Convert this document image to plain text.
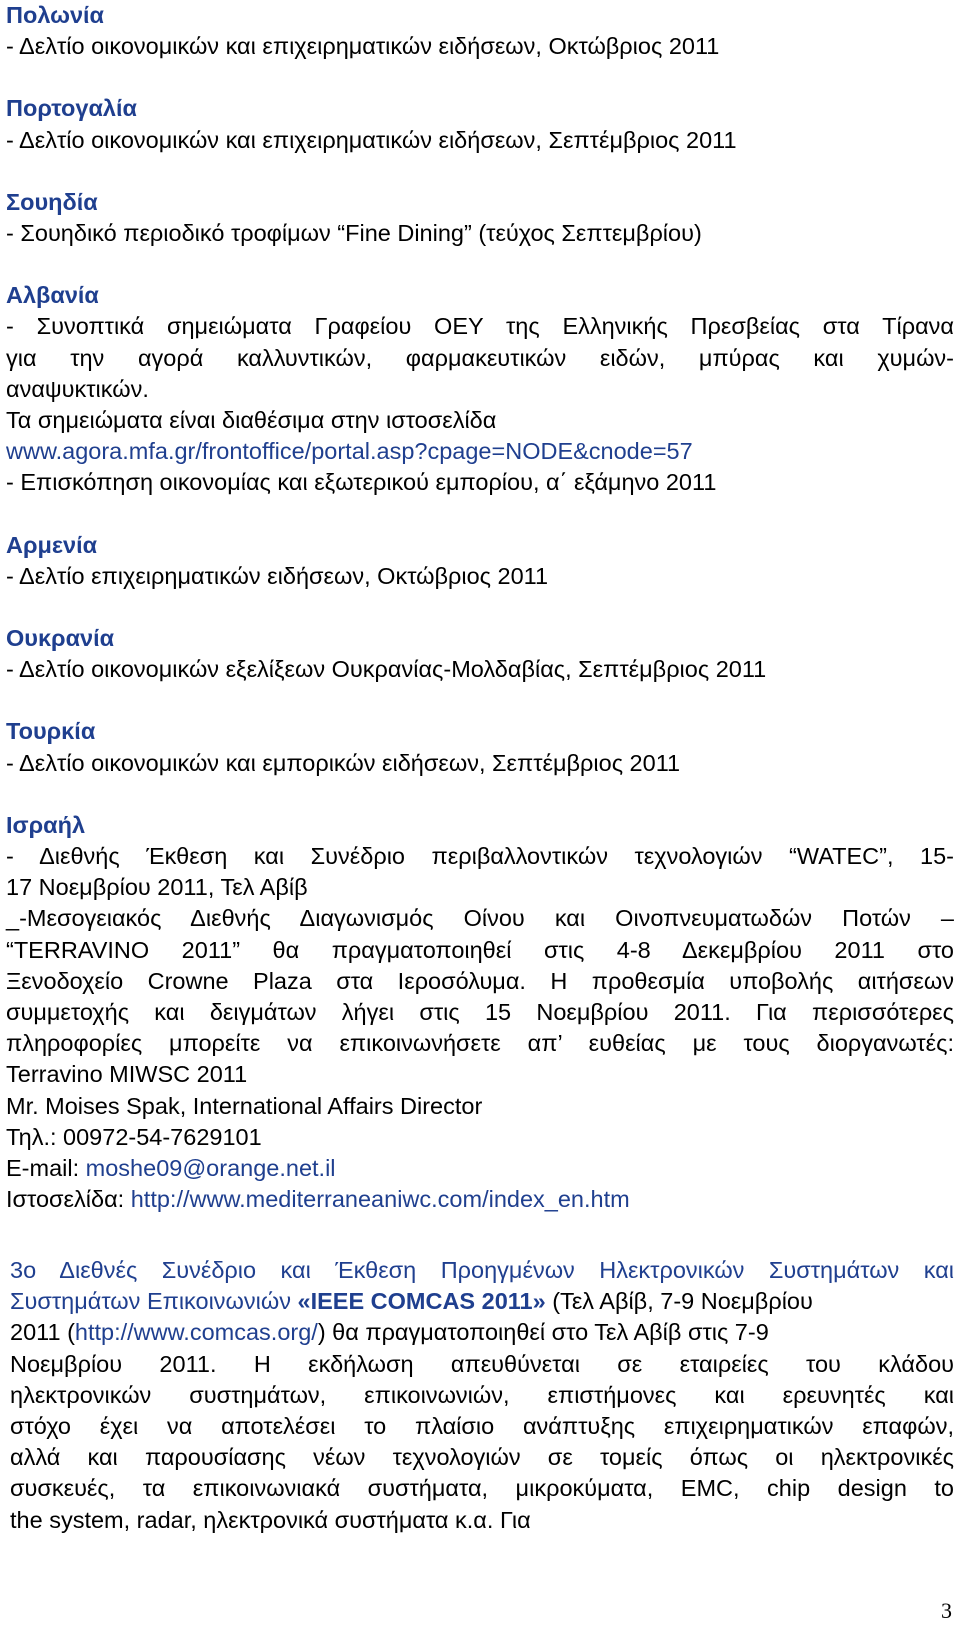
Πολωνία
- Δελτίο οικονομικών και επιχειρηματικών ειδήσεων, Οκτώβριος 2011
Πορτογαλία
- Δελτίο οικονομικών και επιχειρηματικών ειδήσεων, Σεπτέμβριος 2011
Σουηδία
- Σουηδικό περιοδικό τροφίμων “Fine Dining” (τεύχος Σεπτεμβρίου)
Αλβανία
- Συνοπτικά σημειώματα Γραφείου ΟΕΥ της Ελληνικής Πρεσβείας στα Τίρανα
για την αγορά καλλυντικών, φαρμακευτικών ειδών, μπύρας και χυμών-
αναψυκτικών.
Τα σημειώματα είναι διαθέσιμα στην ιστοσελίδα
www.agora.mfa.gr/frontoffice/portal.asp?cpage=NODE&cnode=57
- Επισκόπηση οικονομίας και εξωτερικού εμπορίου, α΄ εξάμηνο 2011
Αρμενία
- Δελτίο επιχειρηματικών ειδήσεων, Οκτώβριος 2011
Ουκρανία
- Δελτίο οικονομικών εξελίξεων Ουκρανίας-Μολδαβίας, Σεπτέμβριος 2011
Τουρκία
- Δελτίο οικονομικών και εμπορικών ειδήσεων, Σεπτέμβριος 2011
Ισραήλ
- Διεθνής Έκθεση και Συνέδριο περιβαλλοντικών τεχνολογιών “WATEC”, 15-
17 Νοεμβρίου 2011, Τελ Αβίβ
_-Μεσογειακός Διεθνής Διαγωνισμός Οίνου και Οινοπνευματωδών Ποτών –
“TERRAVINO 2011” θα πραγματοποιηθεί στις 4-8 Δεκεμβρίου 2011 στο
Ξενοδοχείο Crowne Plaza στα Ιεροσόλυμα. Η προθεσμία υποβολής αιτήσεων
συμμετοχής και δειγμάτων λήγει στις 15 Νοεμβρίου 2011. Για περισσότερες
πληροφορίες μπορείτε να επικοινωνήσετε απ’ ευθείας με τους διοργανωτές:
Terravino MIWSC 2011
Mr. Moises Spak, International Affairs Director
Τηλ.: 00972-54-7629101
E-mail: moshe09@orange.net.il
Ιστοσελίδα: http://www.mediterraneaniwc.com/index_en.htm
3ο Διεθνές Συνέδριο και Έκθεση Προηγμένων Ηλεκτρονικών Συστημάτων και
Συστημάτων Επικοινωνιών «IEEE COMCAS 2011» (Τελ Αβίβ, 7-9 Νοεμβρίου
2011 (http://www.comcas.org/) θα πραγματοποιηθεί στο Τελ Αβίβ στις 7-9
Νοεμβρίου 2011. Η εκδήλωση απευθύνεται σε εταιρείες του κλάδου
ηλεκτρονικών συστημάτων, επικοινωνιών, επιστήμονες και ερευνητές και
στόχο έχει να αποτελέσει το πλαίσιο ανάπτυξης επιχειρηματικών επαφών,
αλλά και παρουσίασης νέων τεχνολογιών σε τομείς όπως οι ηλεκτρονικές
συσκευές, τα επικοινωνιακά συστήματα, μικροκύματα, EMC, chip design to
the system, radar, ηλεκτρονικά συστήματα κ.α. Για
3
